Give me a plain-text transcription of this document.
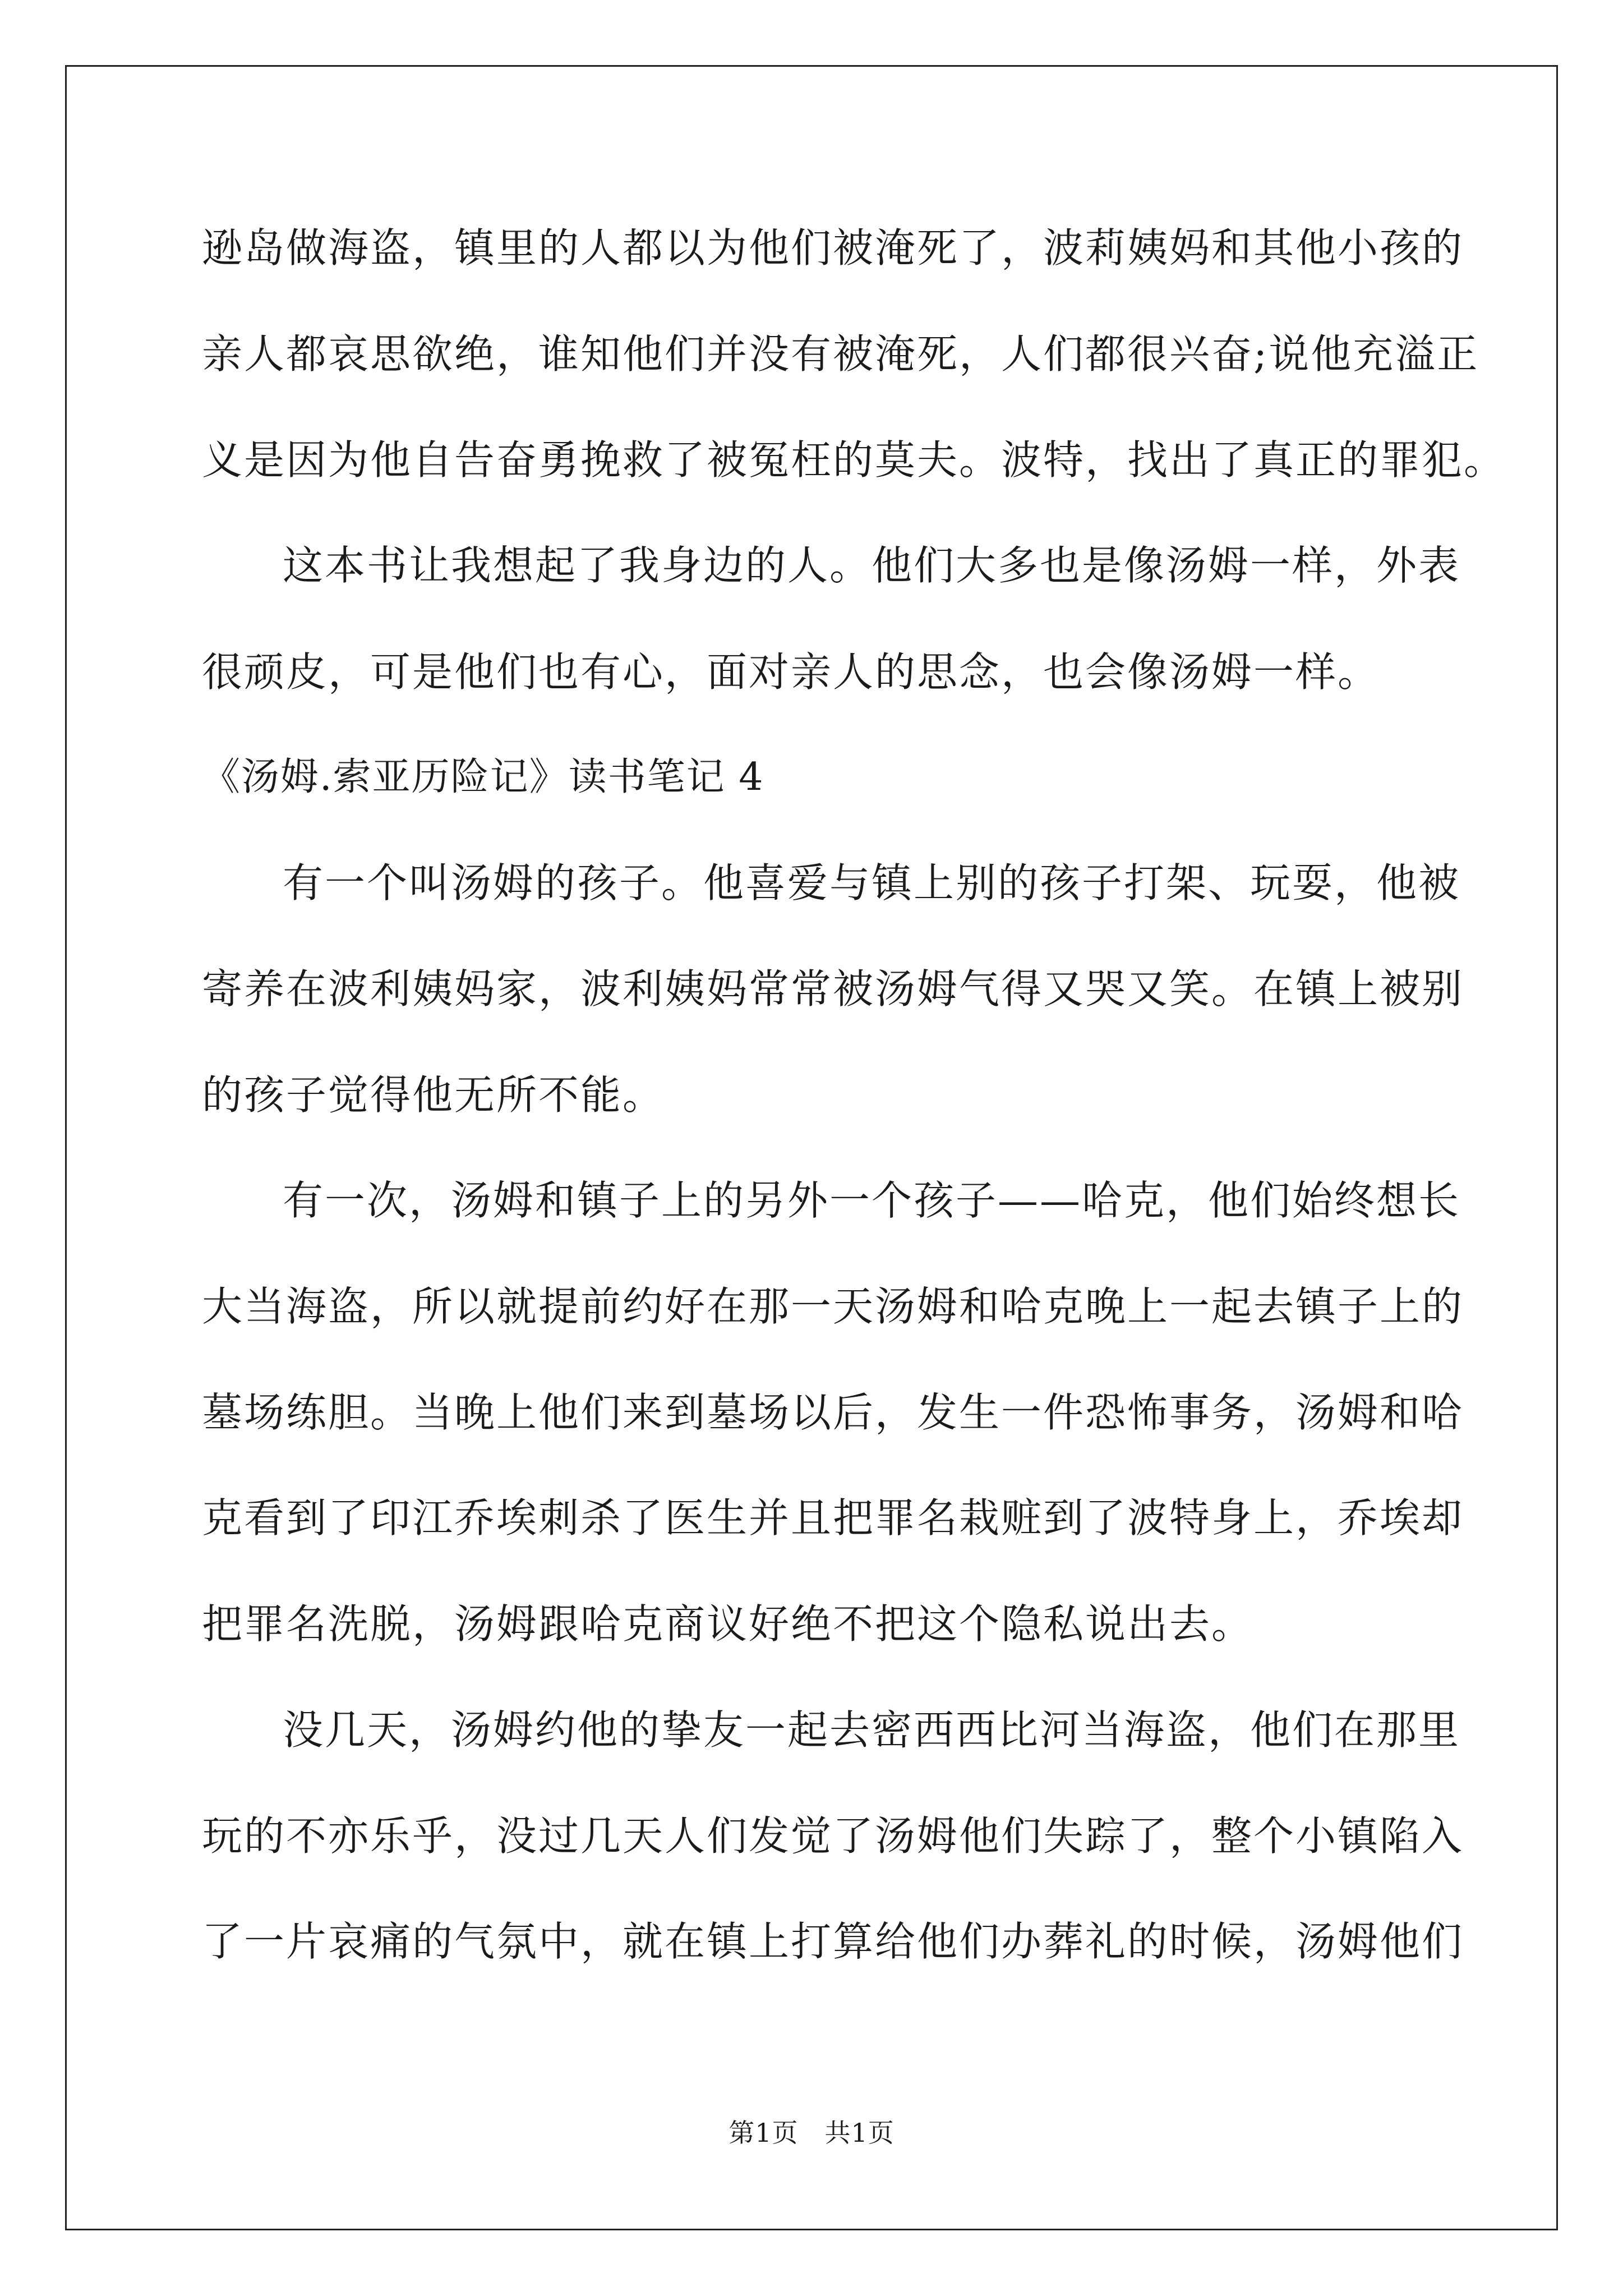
逊岛做海盗，镇里的人都以为他们被淹死了，波莉姨妈和其他小孩的
亲人都哀思欲绝，谁知他们并没有被淹死，人们都很兴奋;说他充溢正
义是因为他自告奋勇挽救了被冤枉的莫夫。波特，找出了真正的罪犯。
这本书让我想起了我身边的人。他们大多也是像汤姆一样，外表
很顽皮，可是他们也有心，面对亲人的思念，也会像汤姆一样。
《汤姆.索亚历险记》读书笔记 4
有一个叫汤姆的孩子。他喜爱与镇上别的孩子打架、玩耍，他被
寄养在波利姨妈家，波利姨妈常常被汤姆气得又哭又笑。在镇上被别
的孩子觉得他无所不能。
有一次，汤姆和镇子上的另外一个孩子——哈克，他们始终想长
大当海盗，所以就提前约好在那一天汤姆和哈克晚上一起去镇子上的
墓场练胆。当晚上他们来到墓场以后，发生一件恐怖事务，汤姆和哈
克看到了印江乔埃刺杀了医生并且把罪名栽赃到了波特身上，乔埃却
把罪名洗脱，汤姆跟哈克商议好绝不把这个隐私说出去。
没几天，汤姆约他的挚友一起去密西西比河当海盗，他们在那里
玩的不亦乐乎，没过几天人们发觉了汤姆他们失踪了，整个小镇陷入
了一片哀痛的气氛中，就在镇上打算给他们办葬礼的时候，汤姆他们
第1页　共1页
